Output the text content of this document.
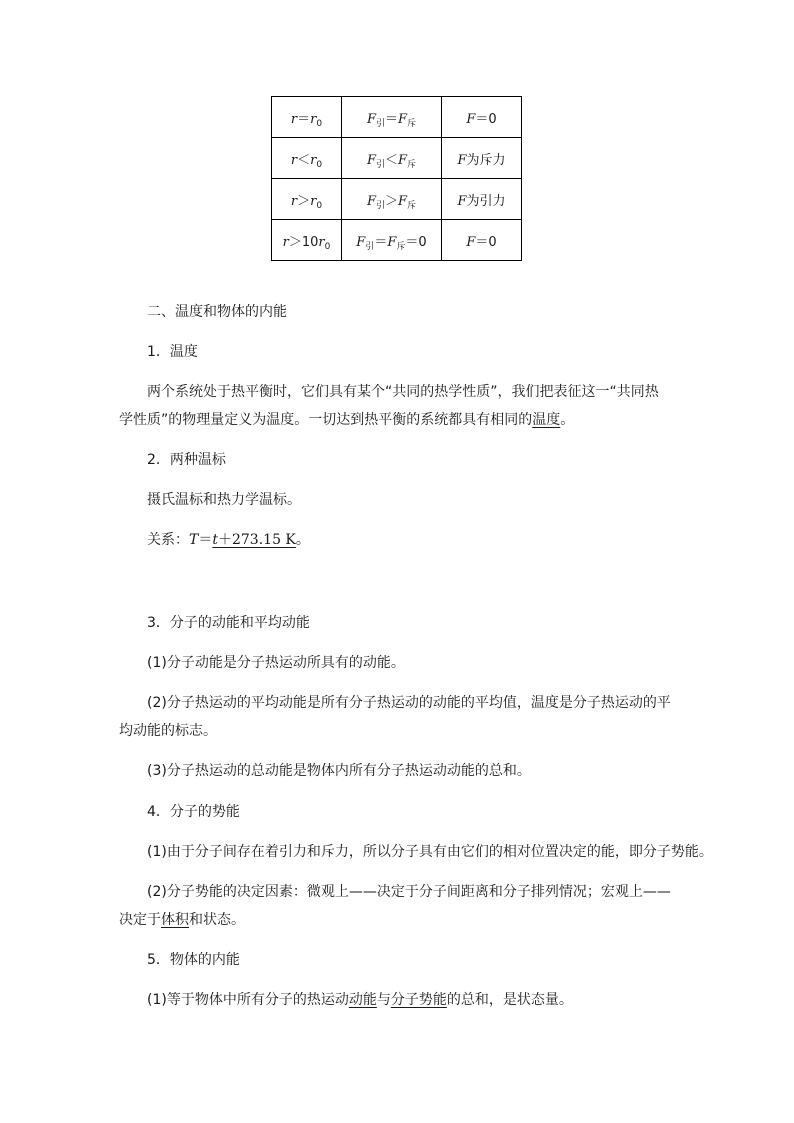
$r=r_0$	$F_引=F_斥$	F＝0
$r<r_0$	$F_引<F_斥$	F为斥力
$r>r_0$	$F_引>F_斥$	F为引力
$r>10r_0$	$F_引=F_斥=0$	F＝0
二、温度和物体的内能
1．温度
两个系统处于热平衡时，它们具有某个“共同的热学性质”，我们把表征这一“共同热
学性质”的物理量定义为温度。一切达到热平衡的系统都具有相同的温度。
2．两种温标
摄氏温标和热力学温标。
关系：T＝t＋273.15 K。
3．分子的动能和平均动能
(1)分子动能是分子热运动所具有的动能。
(2)分子热运动的平均动能是所有分子热运动的动能的平均值，温度是分子热运动的平
均动能的标志。
(3)分子热运动的总动能是物体内所有分子热运动动能的总和。
4．分子的势能
(1)由于分子间存在着引力和斥力，所以分子具有由它们的相对位置决定的能，即分子势能。
(2)分子势能的决定因素：微观上——决定于分子间距离和分子排列情况；宏观上——
决定于体积和状态。
5．物体的内能
(1)等于物体中所有分子的热运动动能与分子势能的总和，是状态量。
